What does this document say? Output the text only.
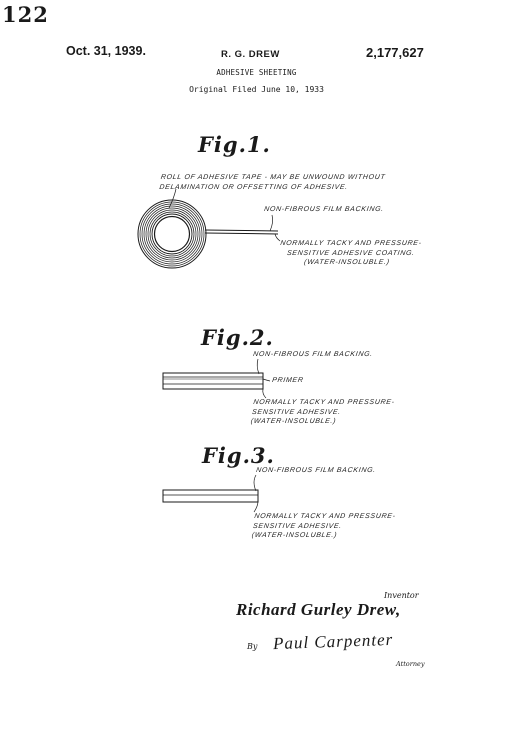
122
Oct. 31, 1939.	R. G. DREW	2,177,627
ADHESIVE SHEETING
Original Filed June 10, 1933
Fig.1.
ROLL OF ADHESIVE TAPE - MAY BE UNWOUND WITHOUT
DELAMINATION OR OFFSETTING OF ADHESIVE.
NON-FIBROUS FILM BACKING.
NORMALLY TACKY AND PRESSURE-
SENSITIVE ADHESIVE COATING.
(WATER-INSOLUBLE.)
Fig.2.
NON-FIBROUS FILM BACKING.
PRIMER
NORMALLY TACKY AND PRESSURE-
SENSITIVE ADHESIVE.
(WATER-INSOLUBLE.)
Fig.3.
NON-FIBROUS FILM BACKING.
NORMALLY TACKY AND PRESSURE-
SENSITIVE ADHESIVE.
(WATER-INSOLUBLE.)
Inventor
Richard Gurley Drew,
By Paul Carpenter
Attorney
